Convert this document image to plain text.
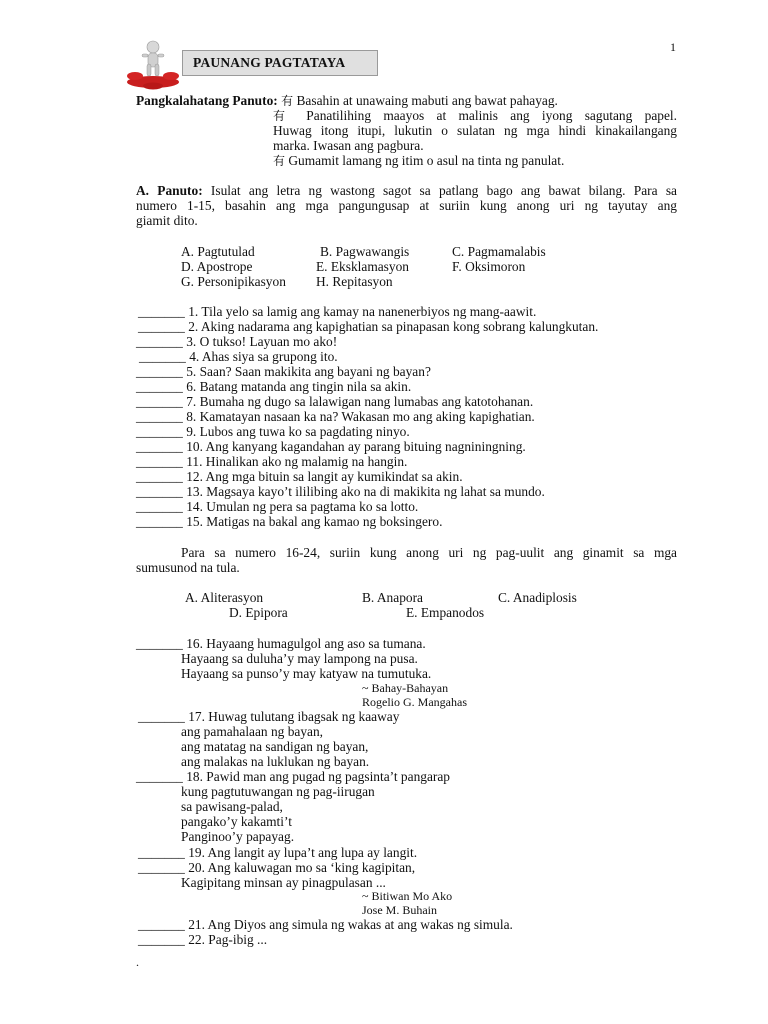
1
PAUNANG PAGTATAYA
Pangkalahatang Panuto: 有 Basahin at unawaing mabuti ang bawat pahayag.
有 Panatilihing maayos at malinis ang iyong sagutang papel.
Huwag itong itupi, lukutin o sulatan ng mga hindi kinakailangang
marka. Iwasan ang pagbura.
有 Gumamit lamang ng itim o asul na tinta ng panulat.
A. Panuto: Isulat ang letra ng wastong sagot sa patlang bago ang bawat bilang. Para sa
numero 1-15, basahin ang mga pangungusap at suriin kung anong uri ng tayutay ang
giamit dito.
A. Pagtutulad	B. Pagwawangis	C. Pagmamalabis
D. Apostrope	E. Eksklamasyon	F. Oksimoron
G. Personipikasyon H. Repitasyon
_______ 1. Tila yelo sa lamig ang kamay na nanenerbiyos ng mang-aawit.
_______ 2. Aking nadarama ang kapighatian sa pinapasan kong sobrang kalungkutan.
_______ 3. O tukso! Layuan mo ako!
_______ 4. Ahas siya sa grupong ito.
_______ 5. Saan? Saan makikita ang bayani ng bayan?
_______ 6. Batang matanda ang tingin nila sa akin.
_______ 7. Bumaha ng dugo sa lalawigan nang lumabas ang katotohanan.
_______ 8. Kamatayan nasaan ka na? Wakasan mo ang aking kapighatian.
_______ 9. Lubos ang tuwa ko sa pagdating ninyo.
_______ 10. Ang kanyang kagandahan ay parang bituing nagniningning.
_______ 11. Hinalikan ako ng malamig na hangin.
_______ 12. Ang mga bituin sa langit ay kumikindat sa akin.
_______ 13. Magsaya kayo’t ililibing ako na di makikita ng lahat sa mundo.
_______ 14. Umulan ng pera sa pagtama ko sa lotto.
_______ 15. Matigas na bakal ang kamao ng boksingero.
Para sa numero 16-24, suriin kung anong uri ng pag-uulit ang ginamit sa mga
sumusunod na tula.
A. Aliterasyon	B. Anapora	C. Anadiplosis
D. Epipora	E. Empanodos
_______ 16. Hayaang humagulgol ang aso sa tumana.
Hayaang sa duluha’y may lampong na pusa.
Hayaang sa punso’y may katyaw na tumutuka.
~ Bahay-Bahayan
Rogelio G. Mangahas
_______ 17. Huwag tulutang ibagsak ng kaaway
ang pamahalaan ng bayan,
ang matatag na sandigan ng bayan,
ang malakas na luklukan ng bayan.
_______ 18. Pawid man ang pugad ng pagsinta’t pangarap
kung pagtutuwangan ng pag-iirugan
sa pawisang-palad,
pangako’y kakamti’t
Panginoo’y papayag.
_______ 19. Ang langit ay lupa’t ang lupa ay langit.
_______ 20. Ang kaluwagan mo sa ‘king kagipitan,
Kagipitang minsan ay pinagpulasan ...
~ Bitiwan Mo Ako
Jose M. Buhain
_______ 21. Ang Diyos ang simula ng wakas at ang wakas ng simula.
_______ 22. Pag-ibig ...
.
